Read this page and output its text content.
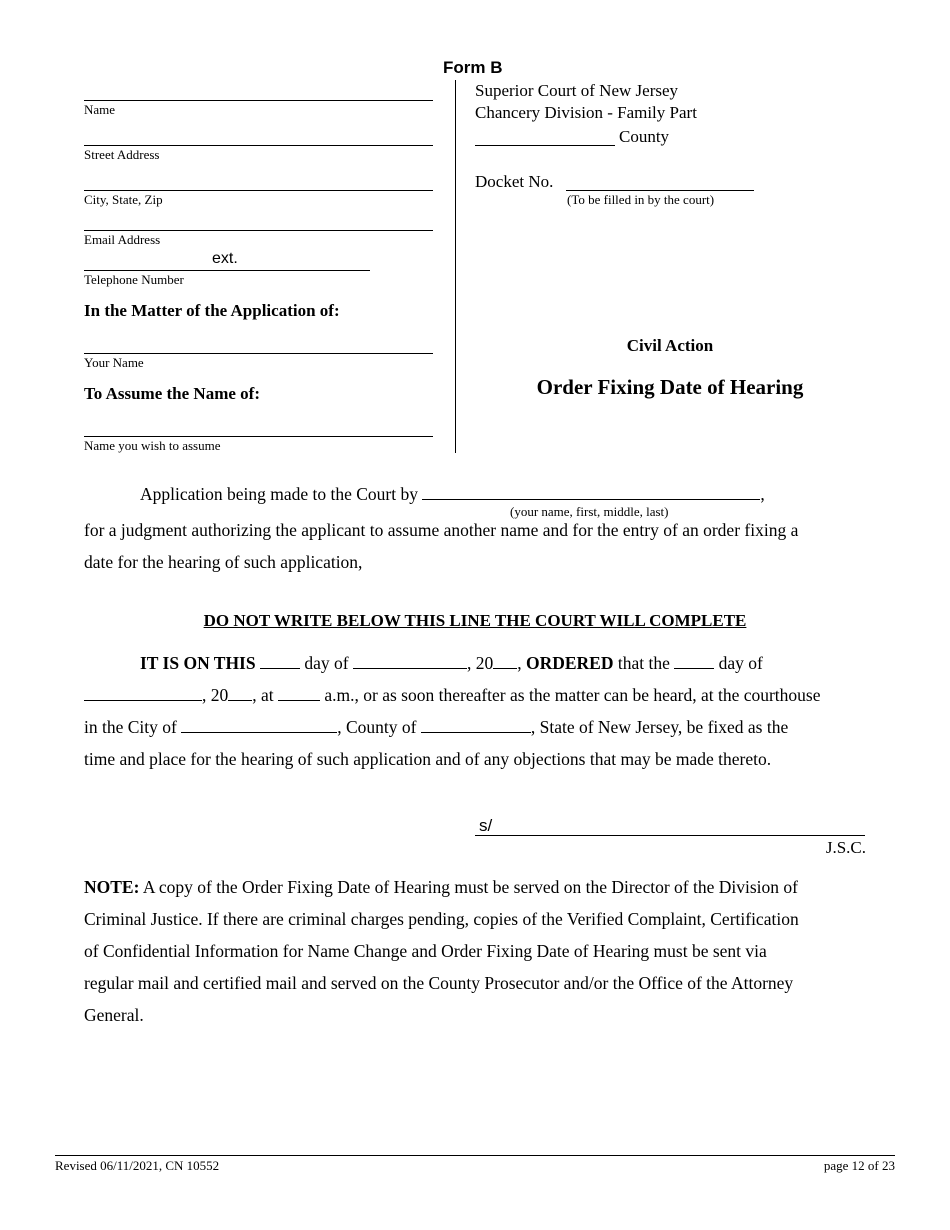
Form B
Name
Street Address
City, State, Zip
Email Address
ext.
Telephone Number
In the Matter of the Application of:
Your Name
To Assume the Name of:
Name you wish to assume
Superior Court of New Jersey
Chancery Division - Family Part
County
Docket No.
(To be filled in by the court)
Civil Action
Order Fixing Date of Hearing
Application being made to the Court by	,
(your name, first, middle, last)
for a judgment authorizing the applicant to assume another name and for the entry of an order fixing a
date for the hearing of such application,
DO NOT WRITE BELOW THIS LINE THE COURT WILL COMPLETE

IT IS ON THIS	day of	, 20 , ORDERED that the	day of

, 20 , at	a.m., or as soon thereafter as the matter can be heard, at the courthouse

in the City of	, County of	, State of New Jersey, be fixed as the

time and place for the hearing of such application and of any objections that may be made thereto.

s/
J.S.C.

NOTE: A copy of the Order Fixing Date of Hearing must be served on the Director of the Division of

Criminal Justice. If there are criminal charges pending, copies of the Verified Complaint, Certification

of Confidential Information for Name Change and Order Fixing Date of Hearing must be sent via

regular mail and certified mail and served on the County Prosecutor and/or the Office of the Attorney

General.

Revised 06/11/2021, CN 10552	page 12 of 23
